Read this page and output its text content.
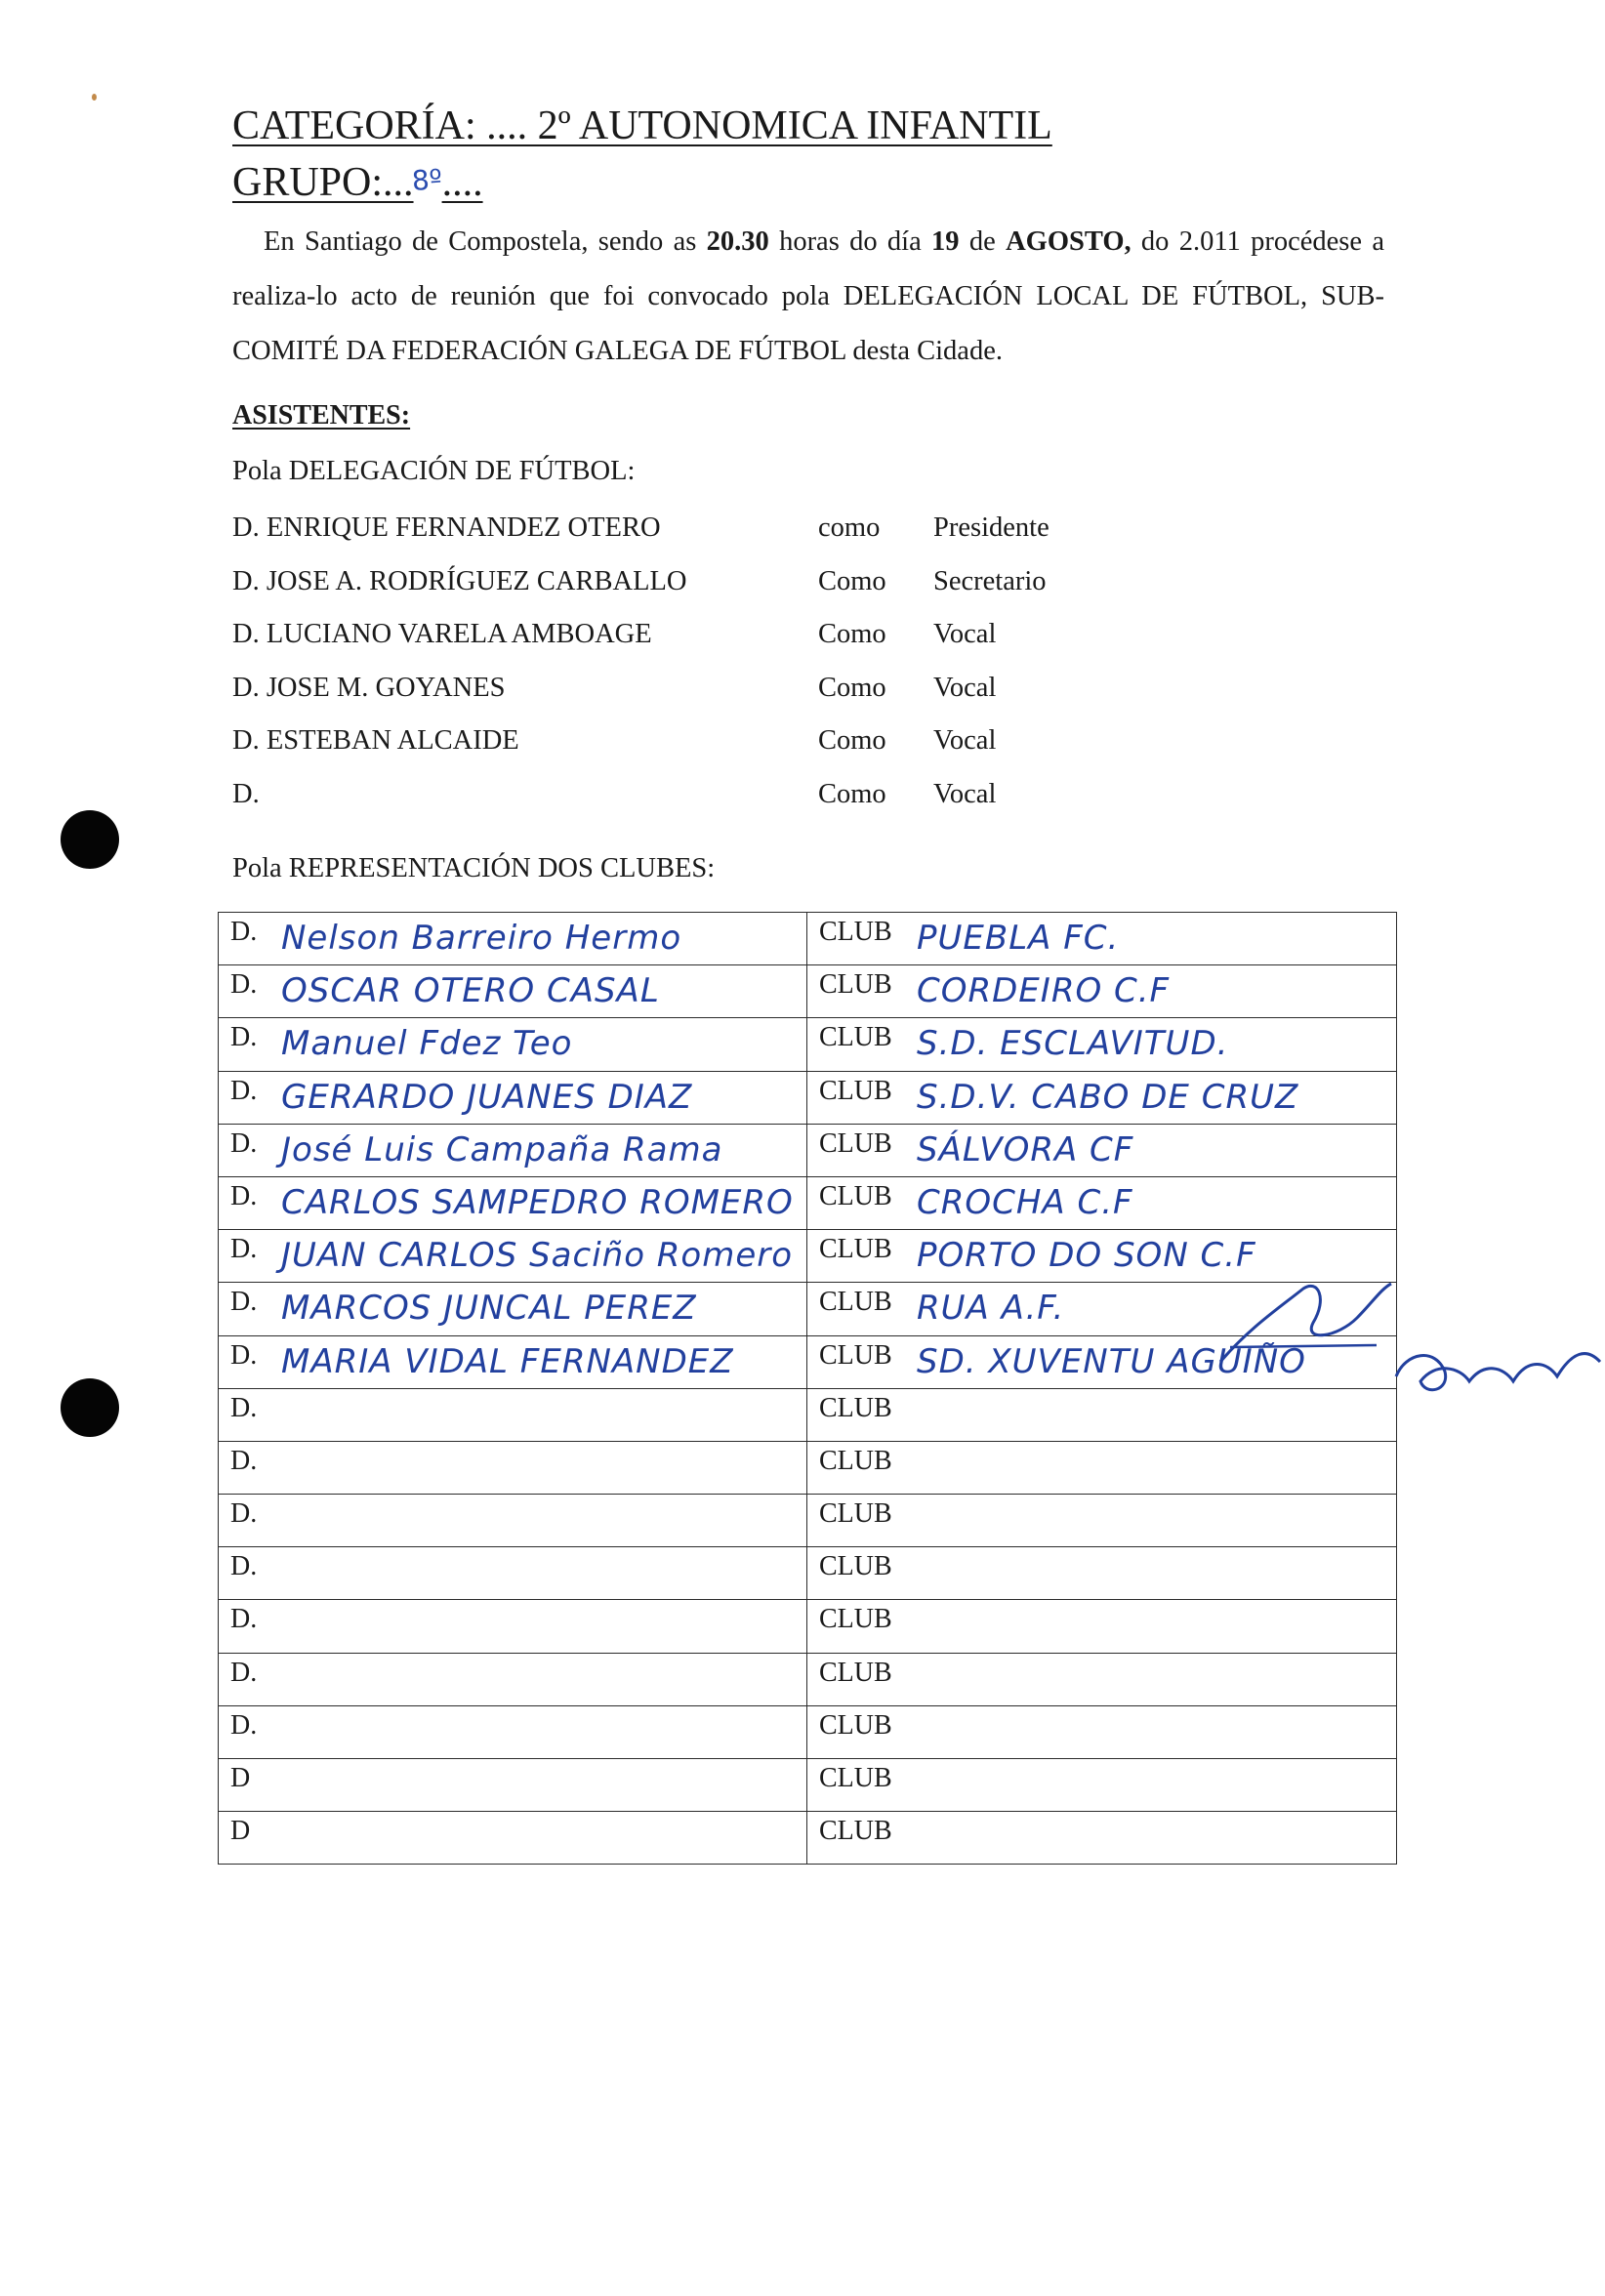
CATEGORÍA: .... 2º AUTONOMICA INFANTIL
GRUPO:...8º....
En Santiago de Compostela, sendo as 20.30 horas do día 19 de AGOSTO, do 2.011 procédese a realiza-lo acto de reunión que foi convocado pola DELEGACIÓN LOCAL DE FÚTBOL, SUB-COMITÉ DA FEDERACIÓN GALEGA DE FÚTBOL desta Cidade.
ASISTENTES:
Pola DELEGACIÓN DE FÚTBOL:
D. ENRIQUE FERNANDEZ OTERO	como Presidente
D. JOSE A. RODRÍGUEZ CARBALLO	Como Secretario
D. LUCIANO VARELA AMBOAGE	Como Vocal
D. JOSE M. GOYANES	Como Vocal
D. ESTEBAN ALCAIDE	Como Vocal
D.	Como Vocal
Pola REPRESENTACIÓN DOS CLUBES:
D. Nelson Barreiro Hermo	CLUB PUEBLA FC.

D. OSCAR OTERO CASAL	CLUB CORDEIRO C.F

D. Manuel Fdez Teo	CLUB S.D. ESCLAVITUD.

D. GERARDO JUANES DIAZ	CLUB S.D.V. CABO DE CRUZ

D. José Luis Campaña Rama	CLUB SÁLVORA CF

D. CARLOS SAMPEDRO ROMERO	CLUB CROCHA C.F

D. JUAN CARLOS Saciño Romero	CLUB PORTO DO SON C.F

D. MARCOS JUNCAL PEREZ	CLUB RUA A.F.

D. MARIA VIDAL FERNANDEZ	CLUB SD. XUVENTU AGUIÑO

D.	CLUB

D.	CLUB

D.	CLUB

D.	CLUB

D.	CLUB

D.	CLUB

D.	CLUB

D	CLUB

D	CLUB
